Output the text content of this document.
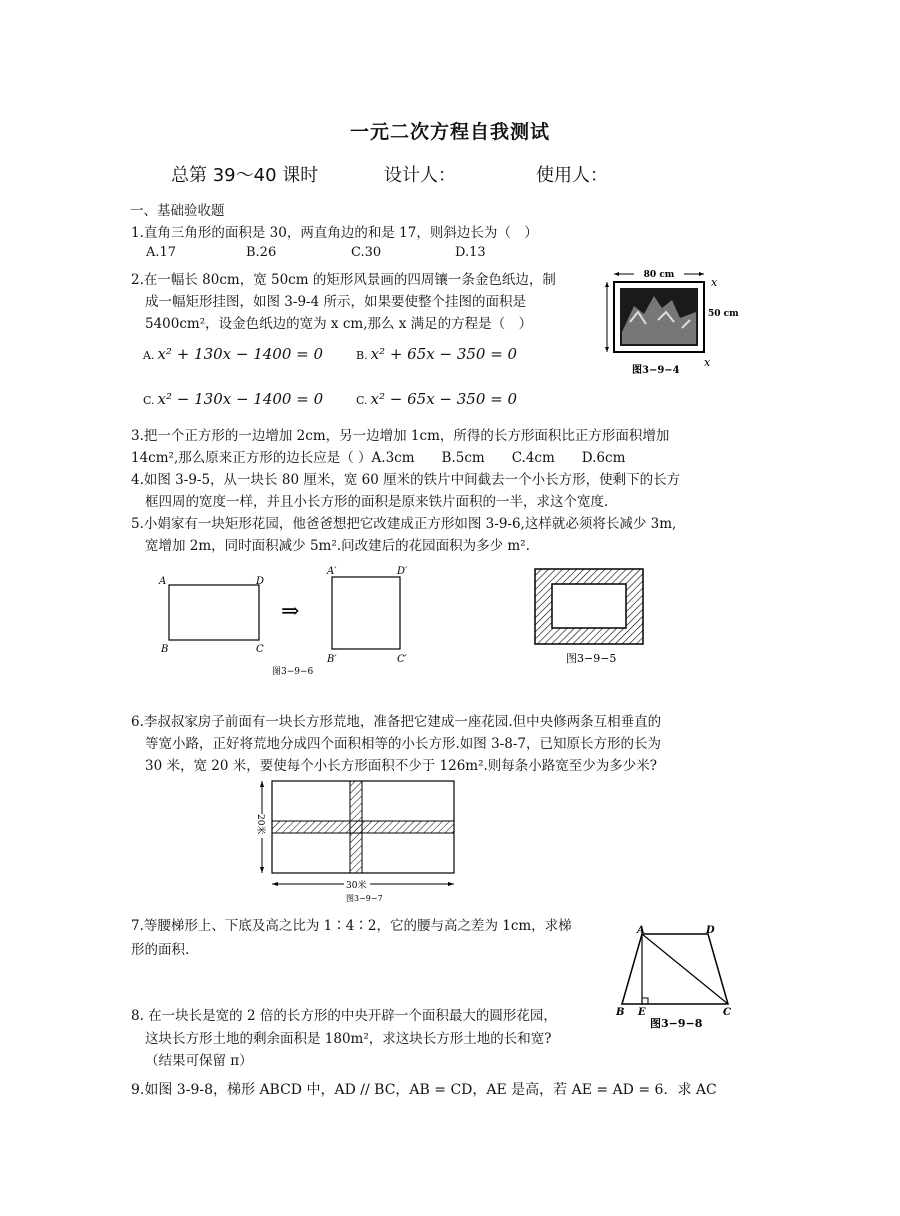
一元二次方程自我测试
总第 39～40 课时	设计人：	使用人：
一、基础验收题
1.直角三角形的面积是 30，两直角边的和是 17，则斜边长为（　）
A.17	B.26	C.30	D.13
2.在一幅长 80cm，宽 50cm 的矩形风景画的四周镶一条金色纸边，制
成一幅矩形挂图，如图 3-9-4 所示，如果要使整个挂图的面积是
5400cm²，设金色纸边的宽为 x cm,那么 x 满足的方程是（　）
A. x² + 130x − 1400 = 0	B. x² + 65x − 350 = 0
C. x² − 130x − 1400 = 0	C. x² − 65x − 350 = 0
80 cm
50 cm
x
x
图3−9−4
3.把一个正方形的一边增加 2cm，另一边增加 1cm，所得的长方形面积比正方形面积增加
14cm²,那么原来正方形的边长应是（ ）A.3cm　　B.5cm　　C.4cm　　D.6cm
4.如图 3-9-5，从一块长 80 厘米，宽 60 厘米的铁片中间截去一个小长方形，使剩下的长方
框四周的宽度一样，并且小长方形的面积是原来铁片面积的一半，求这个宽度.
5.小娟家有一块矩形花园，他爸爸想把它改建成正方形如图 3-9-6,这样就必须将长减少 3m,
宽增加 2m，同时面积减少 5m².问改建后的花园面积为多少 m².
A	D
B	C
⇒
A′	D′
B′	C′
图3−9−6
图3−9−5
6.李叔叔家房子前面有一块长方形荒地，准备把它建成一座花园.但中央修两条互相垂直的
等宽小路，正好将荒地分成四个面积相等的小长方形.如图 3-8-7，已知原长方形的长为
30 米，宽 20 米，要使每个小长方形面积不少于 126m².则每条小路宽至少为多少米?
20米
30米
图3−9−7
7.等腰梯形上、下底及高之比为 1∶4∶2，它的腰与高之差为 1cm，求梯
形的面积.
A	D
B E	C
图3−9−8
8. 在一块长是宽的 2 倍的长方形的中央开辟一个面积最大的圆形花园，
这块长方形土地的剩余面积是 180m²，求这块长方形土地的长和宽?
（结果可保留 π）
9.如图 3-9-8，梯形 ABCD 中，AD // BC，AB = CD，AE 是高，若 AE = AD = 6．求 AC
